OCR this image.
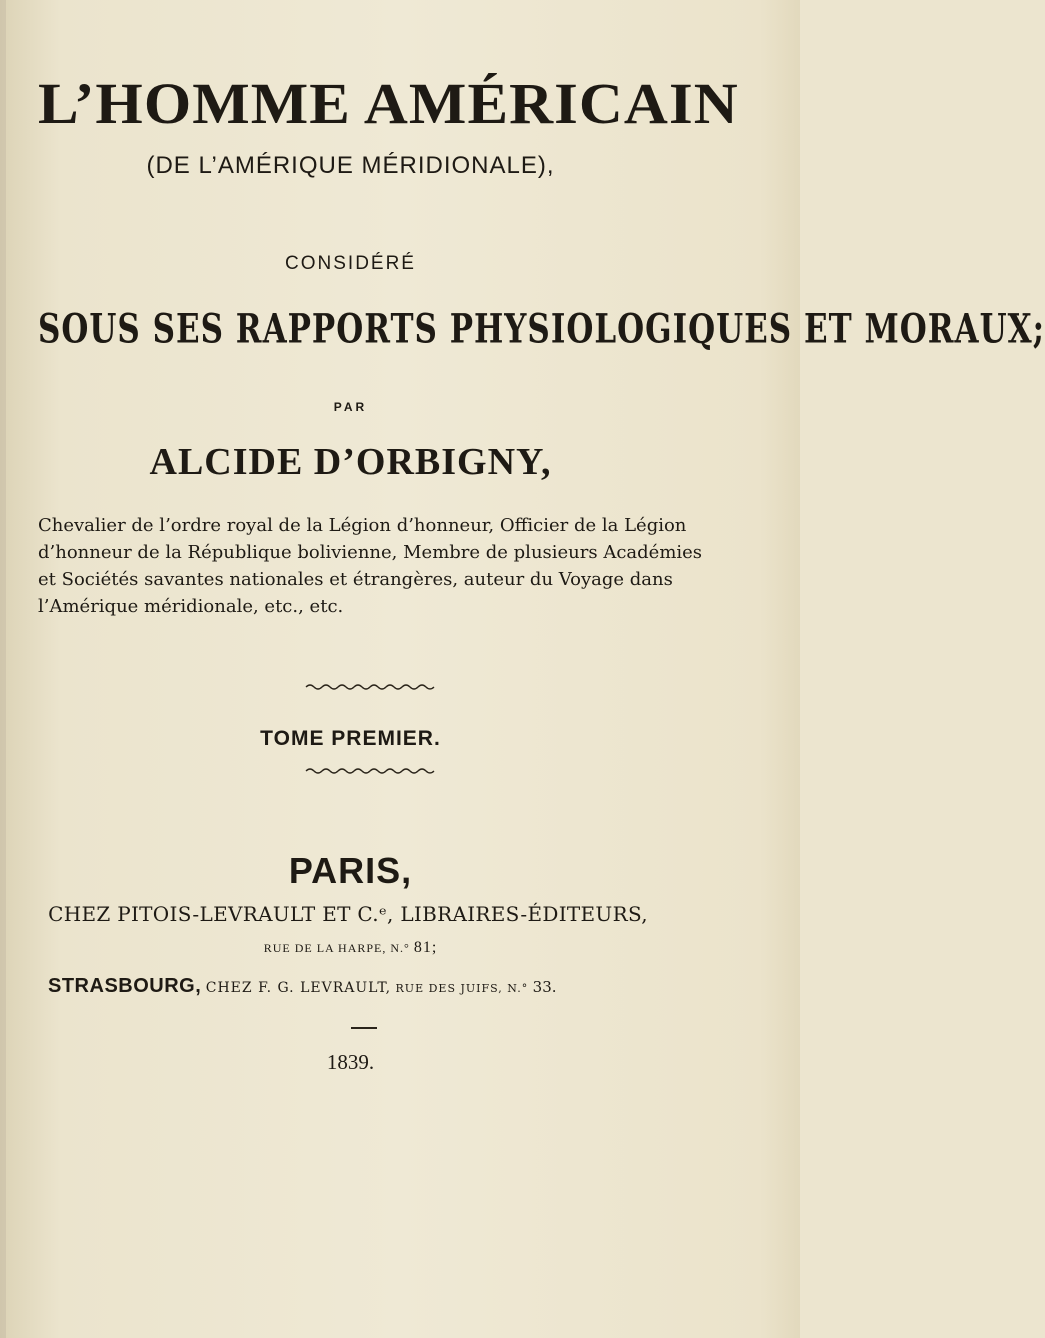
L’HOMME AMÉRICAIN
(DE L’AMÉRIQUE MÉRIDIONALE),
CONSIDÉRÉ
SOUS SES RAPPORTS PHYSIOLOGIQUES ET MORAUX;
PAR
ALCIDE D’ORBIGNY,
Chevalier de l’ordre royal de la Légion d’honneur, Officier de la Légion
d’honneur de la République bolivienne, Membre de plusieurs Académies
et Sociétés savantes nationales et étrangères, auteur du Voyage dans
l’Amérique méridionale, etc., etc.
TOME PREMIER.
PARIS,
CHEZ PITOIS-LEVRAULT ET C.ᵉ, LIBRAIRES-ÉDITEURS,
RUE DE LA HARPE, N.° 81;
STRASBOURG, CHEZ F. G. LEVRAULT, RUE DES JUIFS, N.° 33.
1839.
